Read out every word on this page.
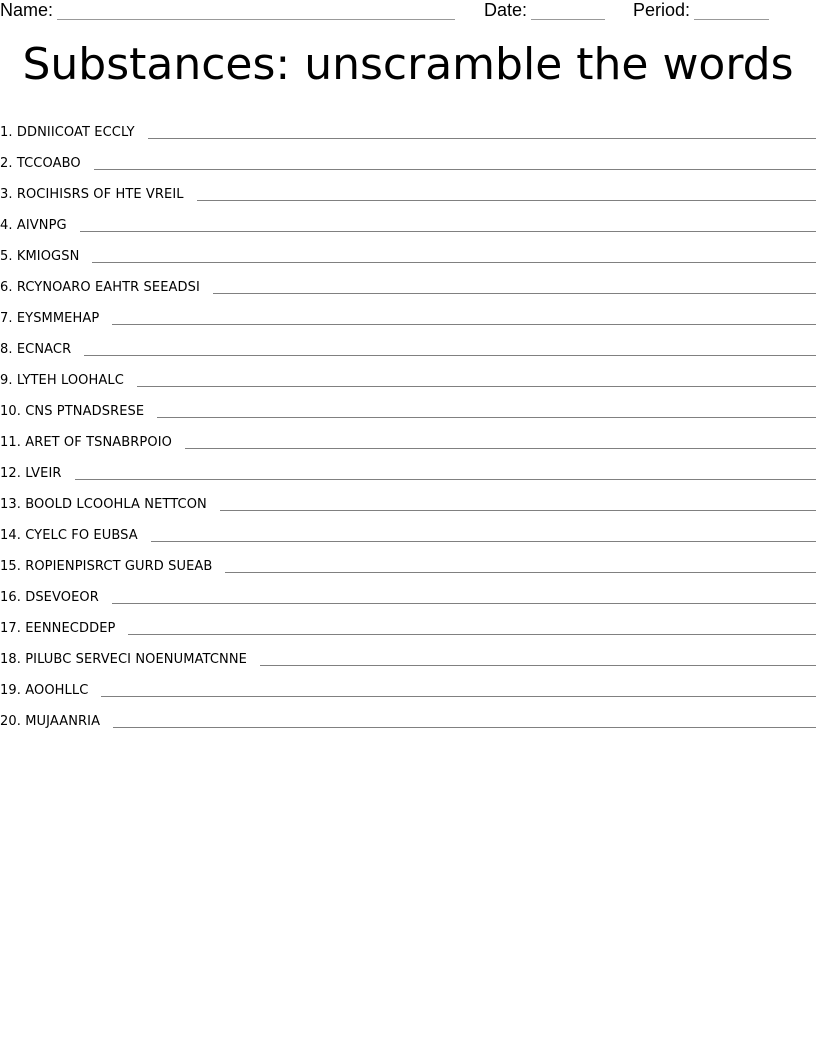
Name:	Date:	Period:
Substances: unscramble the words
1.
DDNIICOAT ECCLY
2.
TCCOABO
3.
ROCIHISRS OF HTE VREIL
4.
AIVNPG
5.
KMIOGSN
6.
RCYNOARO EAHTR SEEADSI
7.
EYSMMEHAP
8.
ECNACR
9.
LYTEH LOOHALC
10.
CNS PTNADSRESE
11.
ARET OF TSNABRPOIO
12.
LVEIR
13.
BOOLD LCOOHLA NETTCON
14.
CYELC FO EUBSA
15.
ROPIENPISRCT GURD SUEAB
16.
DSEVOEOR
17.
EENNECDDEP
18.
PILUBC SERVECI NOENUMATCNNE
19.
AOOHLLC
20.
MUJAANRIA
